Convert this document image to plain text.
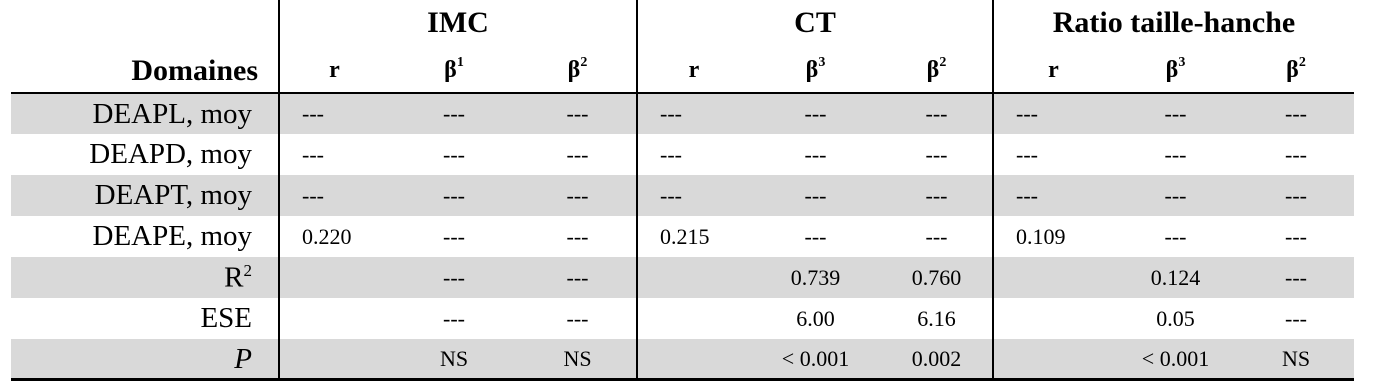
	IMC			CT			Ratio taille-hanche		
Domaines	r	$\beta^1$	$\beta^2$	r	$\beta^3$	$\beta^2$	r	$\beta^3$	$\beta^2$
DEAPL, moy	---	---	---	---	---	---	---	---	---
DEAPD, moy	---	---	---	---	---	---	---	---	---
DEAPT, moy	---	---	---	---	---	---	---	---	---
DEAPE, moy	0.220	---	---	0.215	---	---	0.109	---	---
$R^2$		---	---		0.739	0.760		0.124	---
ESE		---	---		6.00	6.16		0.05	---
P		NS	NS		< 0.001	0.002		< 0.001	NS
